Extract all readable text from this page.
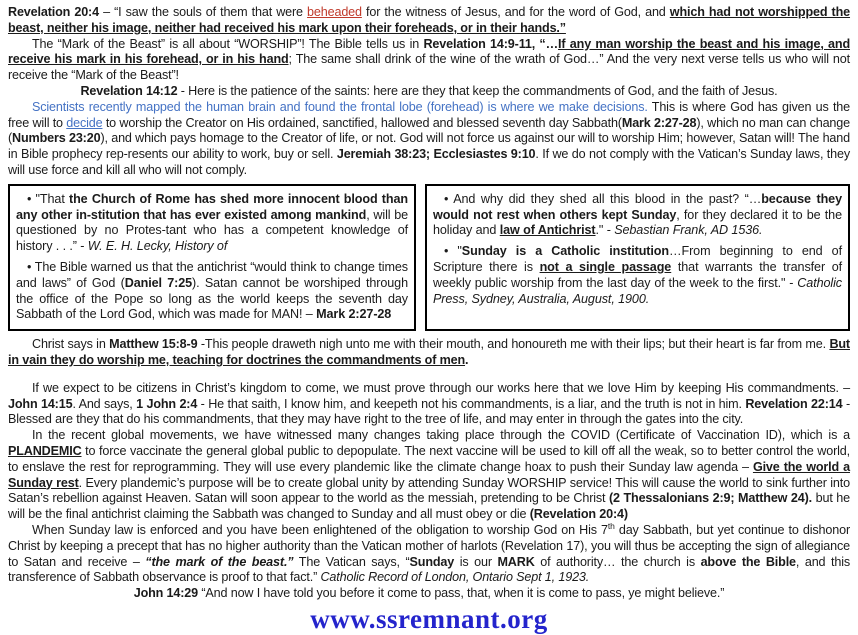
Revelation 20:4 – “I saw the souls of them that were beheaded for the witness of Jesus, and for the word of God, and which had not worshipped the beast, neither his image, neither had received his mark upon their foreheads, or in their hands.”

The “Mark of the Beast” is all about “WORSHIP”! The Bible tells us in Revelation 14:9-11, “…If any man worship the beast and his image, and receive his mark in his forehead, or in his hand; The same shall drink of the wine of the wrath of God…” And the very next verse tells us who will not receive the “Mark of the Beast”!

Revelation 14:12 - Here is the patience of the saints: here are they that keep the commandments of God, and the faith of Jesus.

Scientists recently mapped the human brain and found the frontal lobe (forehead) is where we make decisions. This is where God has given us the free will to decide to worship the Creator on His ordained, sanctified, hallowed and blessed seventh day Sabbath(Mark 2:27-28), which no man can change (Numbers 23:20), and which pays homage to the Creator of life, or not. God will not force us against our will to worship Him; however, Satan will! The hand in Bible prophecy rep-resents our ability to work, buy or sell. Jeremiah 38:23; Ecclesiastes 9:10. If we do not comply with the Vatican’s Sunday laws, they will use force and kill all who will not comply.

• "That the Church of Rome has shed more innocent blood than any other in-stitution that has ever existed among mankind, will be questioned by no Protes-tant who has a competent knowledge of history . . .” - W. E. H. Lecky, History of

• The Bible warned us that the antichrist “would think to change times and laws” of God (Daniel 7:25). Satan cannot be worshiped through the office of the Pope so long as the world keeps the seventh day Sabbath of the Lord God, which was made for MAN! – Mark 2:27-28

• And why did they shed all this blood in the past? “…because they would not rest when others kept Sunday, for they declared it to be the holiday and law of Antichrist." - Sebastian Frank, AD 1536.

• "Sunday is a Catholic institution…From beginning to end of Scripture there is not a single passage that warrants the transfer of weekly public worship from the last day of the week to the first." - Catholic Press, Sydney, Australia, August, 1900.

Christ says in Matthew 15:8-9 -This people draweth nigh unto me with their mouth, and honoureth me with their lips; but their heart is far from me. But in vain they do worship me, teaching for doctrines the commandments of men.

If we expect to be citizens in Christ’s kingdom to come, we must prove through our works here that we love Him by keeping His commandments. – John 14:15. And says, 1 John 2:4 - He that saith, I know him, and keepeth not his commandments, is a liar, and the truth is not in him. Revelation 22:14 - Blessed are they that do his commandments, that they may have right to the tree of life, and may enter in through the gates into the city.

In the recent global movements, we have witnessed many changes taking place through the COVID (Certificate of Vaccination ID), which is a PLANDEMIC to force vaccinate the general global public to depopulate. The next vaccine will be used to kill off all the weak, so to better control the world, to enslave the rest for reprogramming. They will use every plandemic like the climate change hoax to push their Sunday law agenda – Give the world a Sunday rest. Every plandemic’s purpose will be to create global unity by attending Sunday WORSHIP service! This will cause the world to sink further into Satan’s rebellion against Heaven. Satan will soon appear to the world as the messiah, pretending to be Christ (2 Thessalonians 2:9; Matthew 24). but he will be the final antichrist claiming the Sabbath was changed to Sunday and all must obey or die (Revelation 20:4)

When Sunday law is enforced and you have been enlightened of the obligation to worship God on His 7th day Sabbath, but yet continue to dishonor Christ by keeping a precept that has no higher authority than the Vatican mother of harlots (Revelation 17), you will thus be accepting the sign of allegiance to Satan and receive – “the mark of the beast.” The Vatican says, “Sunday is our MARK of authority… the church is above the Bible, and this transference of Sabbath observance is proof to that fact.” Catholic Record of London, Ontario Sept 1, 1923.

John 14:29 “And now I have told you before it come to pass, that, when it is come to pass, ye might believe.”

www.ssremnant.org
